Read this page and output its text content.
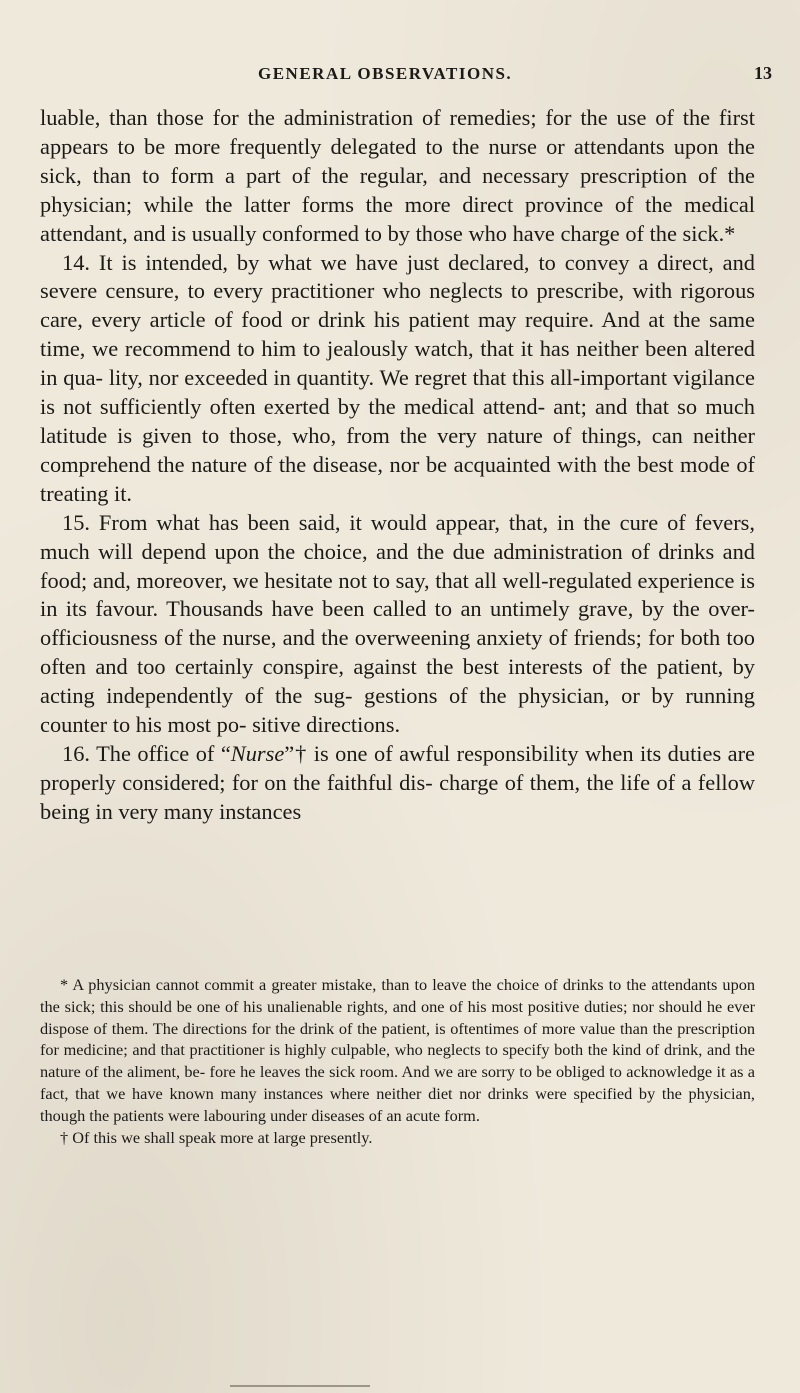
GENERAL OBSERVATIONS.	13

luable, than those for the administration of remedies; for the use of the first appears to be more frequently delegated to the nurse or attendants upon the sick, than to form a part of the regular, and necessary prescription of the physician; while the latter forms the more direct province of the medical attendant, and is usually conformed to by those who have charge of the sick.*

14. It is intended, by what we have just declared, to convey a direct, and severe censure, to every practitioner who neglects to prescribe, with rigorous care, every article of food or drink his patient may require. And at the same time, we recommend to him to jealously watch, that it has neither been altered in qua- lity, nor exceeded in quantity. We regret that this all-important vigilance is not sufficiently often exerted by the medical attend- ant; and that so much latitude is given to those, who, from the very nature of things, can neither comprehend the nature of the disease, nor be acquainted with the best mode of treating it.

15. From what has been said, it would appear, that, in the cure of fevers, much will depend upon the choice, and the due administration of drinks and food; and, moreover, we hesitate not to say, that all well-regulated experience is in its favour. Thousands have been called to an untimely grave, by the over- officiousness of the nurse, and the overweening anxiety of friends; for both too often and too certainly conspire, against the best interests of the patient, by acting independently of the sug- gestions of the physician, or by running counter to his most po- sitive directions.

16. The office of “Nurse”† is one of awful responsibility when its duties are properly considered; for on the faithful dis- charge of them, the life of a fellow being in very many instances

* A physician cannot commit a greater mistake, than to leave the choice of drinks to the attendants upon the sick; this should be one of his unalienable rights, and one of his most positive duties; nor should he ever dispose of them. The directions for the drink of the patient, is oftentimes of more value than the prescription for medicine; and that practitioner is highly culpable, who neglects to specify both the kind of drink, and the nature of the aliment, be- fore he leaves the sick room. And we are sorry to be obliged to acknowledge it as a fact, that we have known many instances where neither diet nor drinks were specified by the physician, though the patients were labouring under diseases of an acute form.

† Of this we shall speak more at large presently.
